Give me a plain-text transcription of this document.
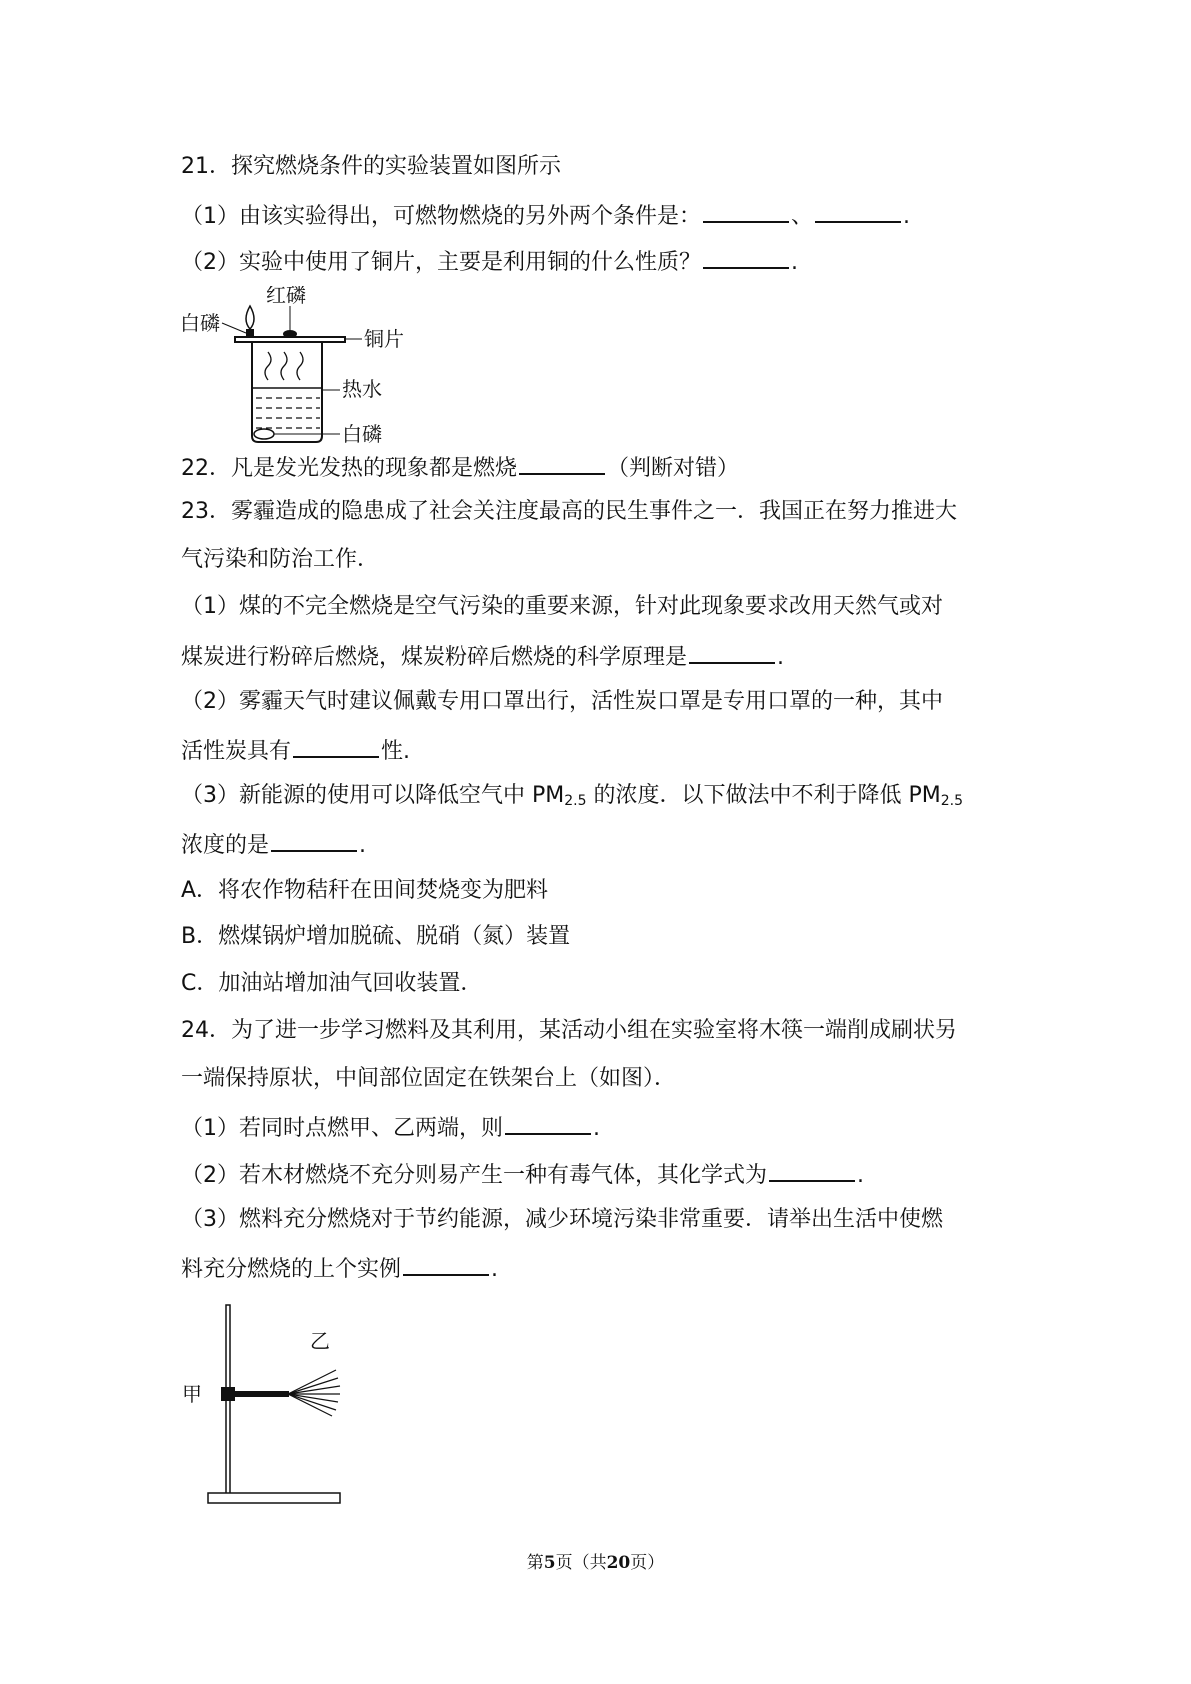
21．探究燃烧条件的实验装置如图所示
（1）由该实验得出，可燃物燃烧的另外两个条件是：	、	.
（2）实验中使用了铜片，主要是利用铜的什么性质？	.
红磷
白磷
铜片
热水
白磷
22．凡是发光发热的现象都是燃烧	（判断对错）
23．雾霾造成的隐患成了社会关注度最高的民生事件之一．我国正在努力推进大
气污染和防治工作．
（1）煤的不完全燃烧是空气污染的重要来源，针对此现象要求改用天然气或对
煤炭进行粉碎后燃烧，煤炭粉碎后燃烧的科学原理是	.
（2）雾霾天气时建议佩戴专用口罩出行，活性炭口罩是专用口罩的一种，其中
活性炭具有	性.
（3）新能源的使用可以降低空气中 $PM_{2.5}$ 的浓度．以下做法中不利于降低 $PM_{2.5}$
浓度的是	.
A．将农作物秸秆在田间焚烧变为肥料
B．燃煤锅炉增加脱硫、脱硝（氮）装置
C．加油站增加油气回收装置．
24．为了进一步学习燃料及其利用，某活动小组在实验室将木筷一端削成刷状另
一端保持原状，中间部位固定在铁架台上（如图）．
（1）若同时点燃甲、乙两端，则	.
（2）若木材燃烧不充分则易产生一种有毒气体，其化学式为	.
（3）燃料充分燃烧对于节约能源，减少环境污染非常重要．请举出生活中使燃
料充分燃烧的上个实例	.
甲
乙
第5页（共20页）
